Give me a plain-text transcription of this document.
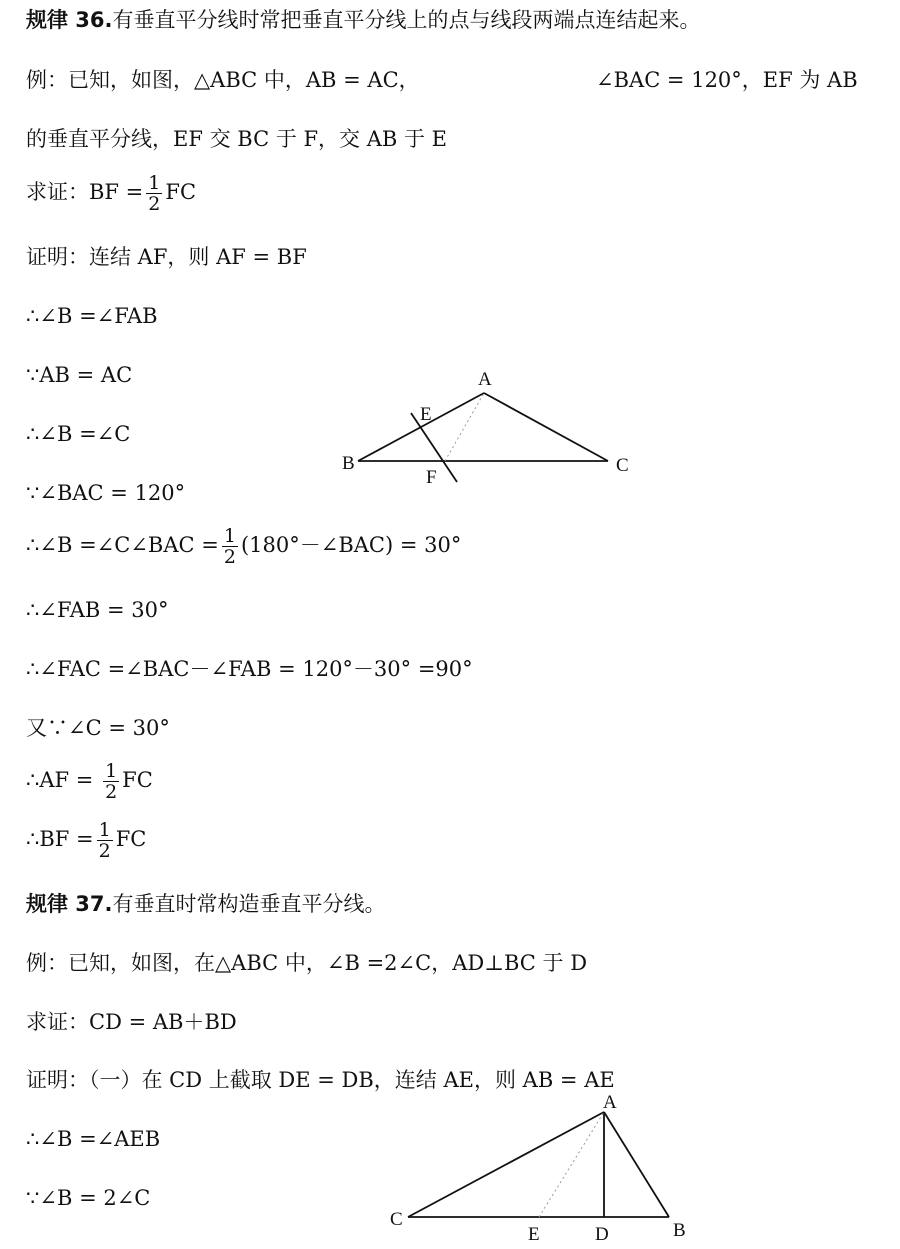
规律 36.有垂直平分线时常把垂直平分线上的点与线段两端点连结起来。
例：已知，如图，△ABC 中，AB = AC，	∠BAC = 120°，EF 为 AB
的垂直平分线，EF 交 BC 于 F，交 AB 于 E
求证：BF = $\frac{1}{2}$ FC
证明：连结 AF，则 AF = BF
∴∠B =∠FAB
∵AB = AC
∴∠B =∠C
∵∠BAC = 120°
∴∠B =∠C∠BAC = $\frac{1}{2}$ (180°－∠BAC) = 30°
∴∠FAB = 30°
∴∠FAC =∠BAC－∠FAB = 120°－30° =90°
又∵∠C = 30°
∴AF = $\frac{1}{2}$ FC
∴BF = $\frac{1}{2}$ FC
A
B	C
E
F
规律 37.有垂直时常构造垂直平分线。
例：已知，如图，在△ABC 中，∠B =2∠C，AD⊥BC 于 D
求证：CD = AB＋BD
证明：（一）在 CD 上截取 DE = DB，连结 AE，则 AB = AE
∴∠B =∠AEB
∵∠B = 2∠C
A
C
B
E	D
